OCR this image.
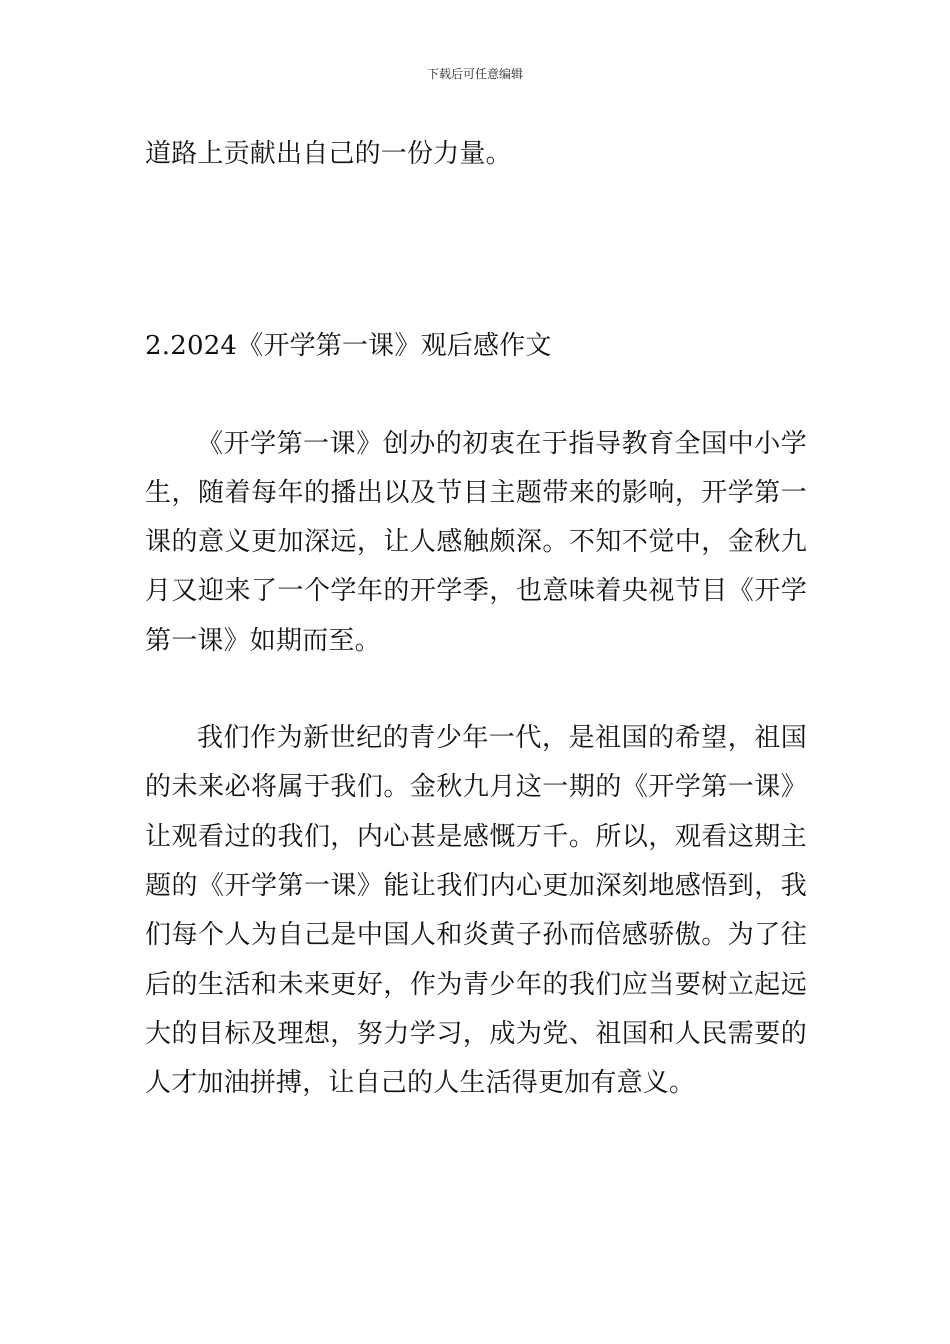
下载后可任意编辑

道路上贡献出自己的一份力量。

2.2024《开学第一课》观后感作文

《开学第一课》创办的初衷在于指导教育全国中小学生，随着每年的播出以及节目主题带来的影响，开学第一课的意义更加深远，让人感触颇深。不知不觉中，金秋九月又迎来了一个学年的开学季，也意味着央视节目《开学第一课》如期而至。

我们作为新世纪的青少年一代，是祖国的希望，祖国的未来必将属于我们。金秋九月这一期的《开学第一课》让观看过的我们，内心甚是感慨万千。所以，观看这期主题的《开学第一课》能让我们内心更加深刻地感悟到，我们每个人为自己是中国人和炎黄子孙而倍感骄傲。为了往后的生活和未来更好，作为青少年的我们应当要树立起远大的目标及理想，努力学习，成为党、祖国和人民需要的人才加油拼搏，让自己的人生活得更加有意义。
